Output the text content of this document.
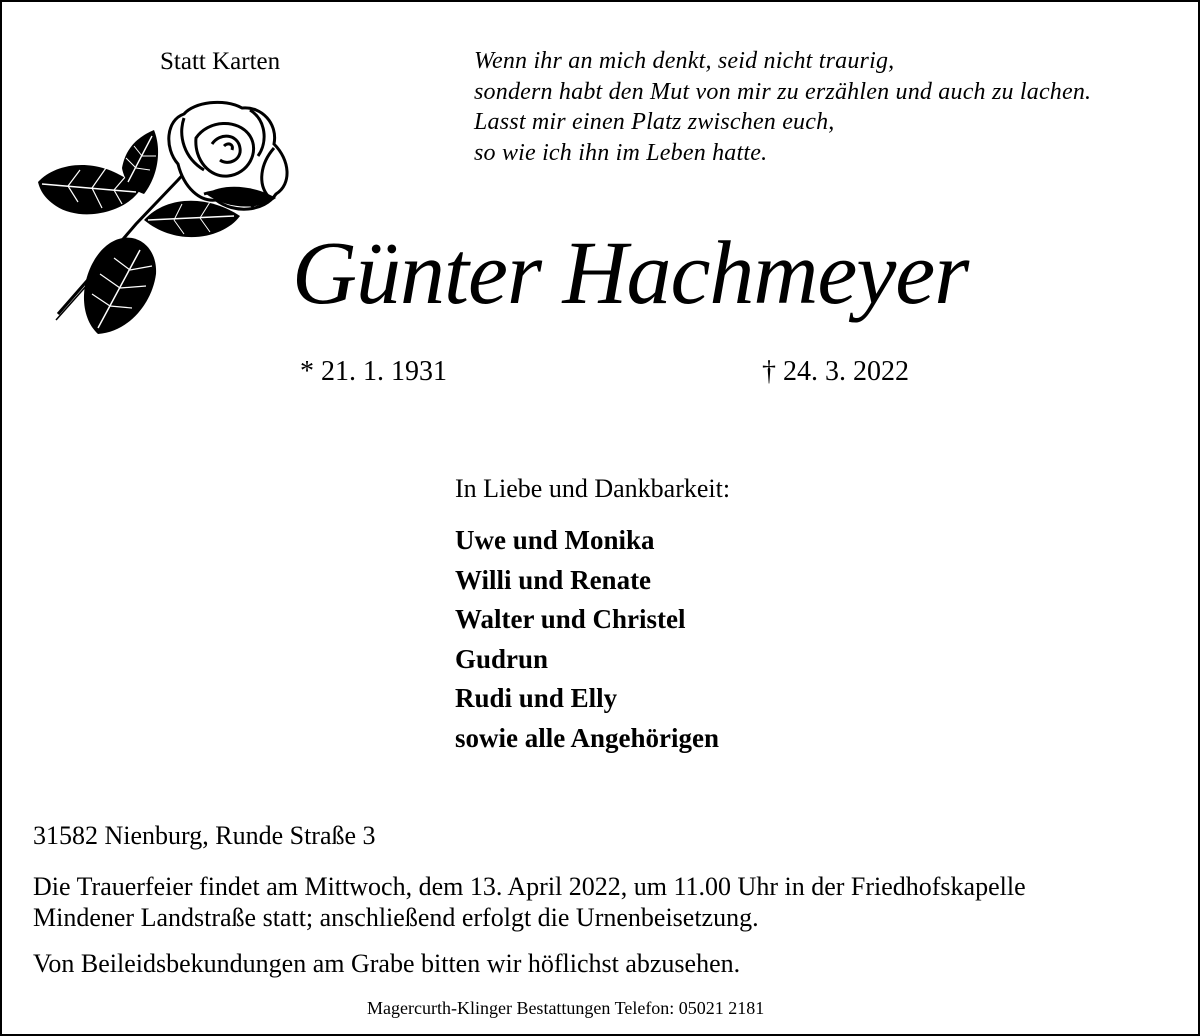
Statt Karten	Wenn ihr an mich denkt, seid nicht traurig,
sondern habt den Mut von mir zu erzählen und auch zu lachen.
Lasst mir einen Platz zwischen euch,
so wie ich ihn im Leben hatte.
Günter Hachmeyer
* 21. 1. 1931	† 24. 3. 2022
In Liebe und Dankbarkeit:
Uwe und Monika
Willi und Renate
Walter und Christel
Gudrun
Rudi und Elly
sowie alle Angehörigen
31582 Nienburg, Runde Straße 3
Die Trauerfeier findet am Mittwoch, dem 13. April 2022, um 11.00 Uhr in der Friedhofskapelle
Mindener Landstraße statt; anschließend erfolgt die Urnenbeisetzung.
Von Beileidsbekundungen am Grabe bitten wir höflichst abzusehen.
Magercurth-Klinger Bestattungen Telefon: 05021 2181
